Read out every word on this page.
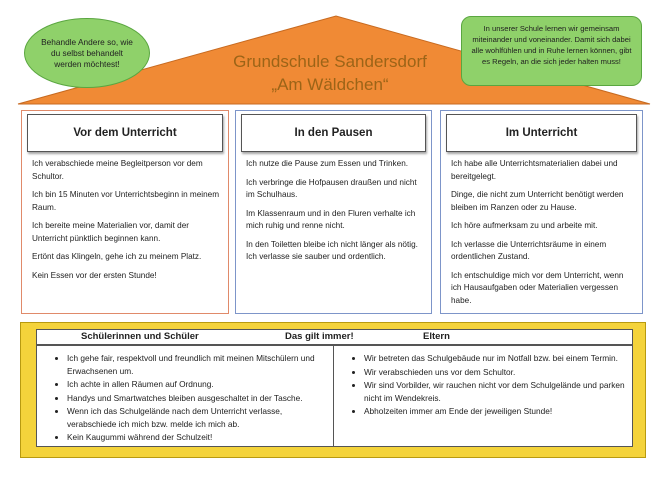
Behandle Andere so, wie
du selbst behandelt
werden möchtest!
In unserer Schule lernen wir gemeinsam miteinander und voneinander. Damit sich dabei alle wohlfühlen und in Ruhe lernen können, gibt es Regeln, an die sich jeder halten muss!
Grundschule Sandersdorf
„Am Wäldchen“
Vor dem Unterricht

Ich verabschiede meine Begleitperson vor dem Schultor.

Ich bin 15 Minuten vor Unterrichtsbeginn in meinem Raum.

Ich bereite meine Materialien vor, damit der Unterricht pünktlich beginnen kann.

Ertönt das Klingeln, gehe ich zu meinem Platz.

Kein Essen vor der ersten Stunde!

In den Pausen

Ich nutze die Pause zum Essen und Trinken.

Ich verbringe die Hofpausen draußen und nicht im Schulhaus.

Im Klassenraum und in den Fluren verhalte ich mich ruhig und renne nicht.

In den Toiletten bleibe ich nicht länger als nötig. Ich verlasse sie sauber und ordentlich.

Im Unterricht

Ich habe alle Unterrichtsmaterialien dabei und bereitgelegt.

Dinge, die nicht zum Unterricht benötigt werden bleiben im Ranzen oder zu Hause.

Ich höre aufmerksam zu und arbeite mit.

Ich verlasse die Unterrichtsräume in einem ordentlichen Zustand.

Ich entschuldige mich vor dem Unterricht, wenn ich Hausaufgaben oder Materialien vergessen habe.

Schülerinnen und Schüler	Das gilt immer!	Eltern
• Ich gehe fair, respektvoll und freundlich mit meinen Mitschülern und Erwachsenen um.
• Ich achte in allen Räumen auf Ordnung.
• Handys und Smartwatches bleiben ausgeschaltet in der Tasche.
• Wenn ich das Schulgelände nach dem Unterricht verlasse, verabschiede ich mich bzw. melde ich mich ab.
• Kein Kaugummi während der Schulzeit!
• Wir betreten das Schulgebäude nur im Notfall bzw. bei einem Termin.
• Wir verabschieden uns vor dem Schultor.
• Wir sind Vorbilder, wir rauchen nicht vor dem Schulgelände und parken nicht im Wendekreis.
• Abholzeiten immer am Ende der jeweiligen Stunde!
